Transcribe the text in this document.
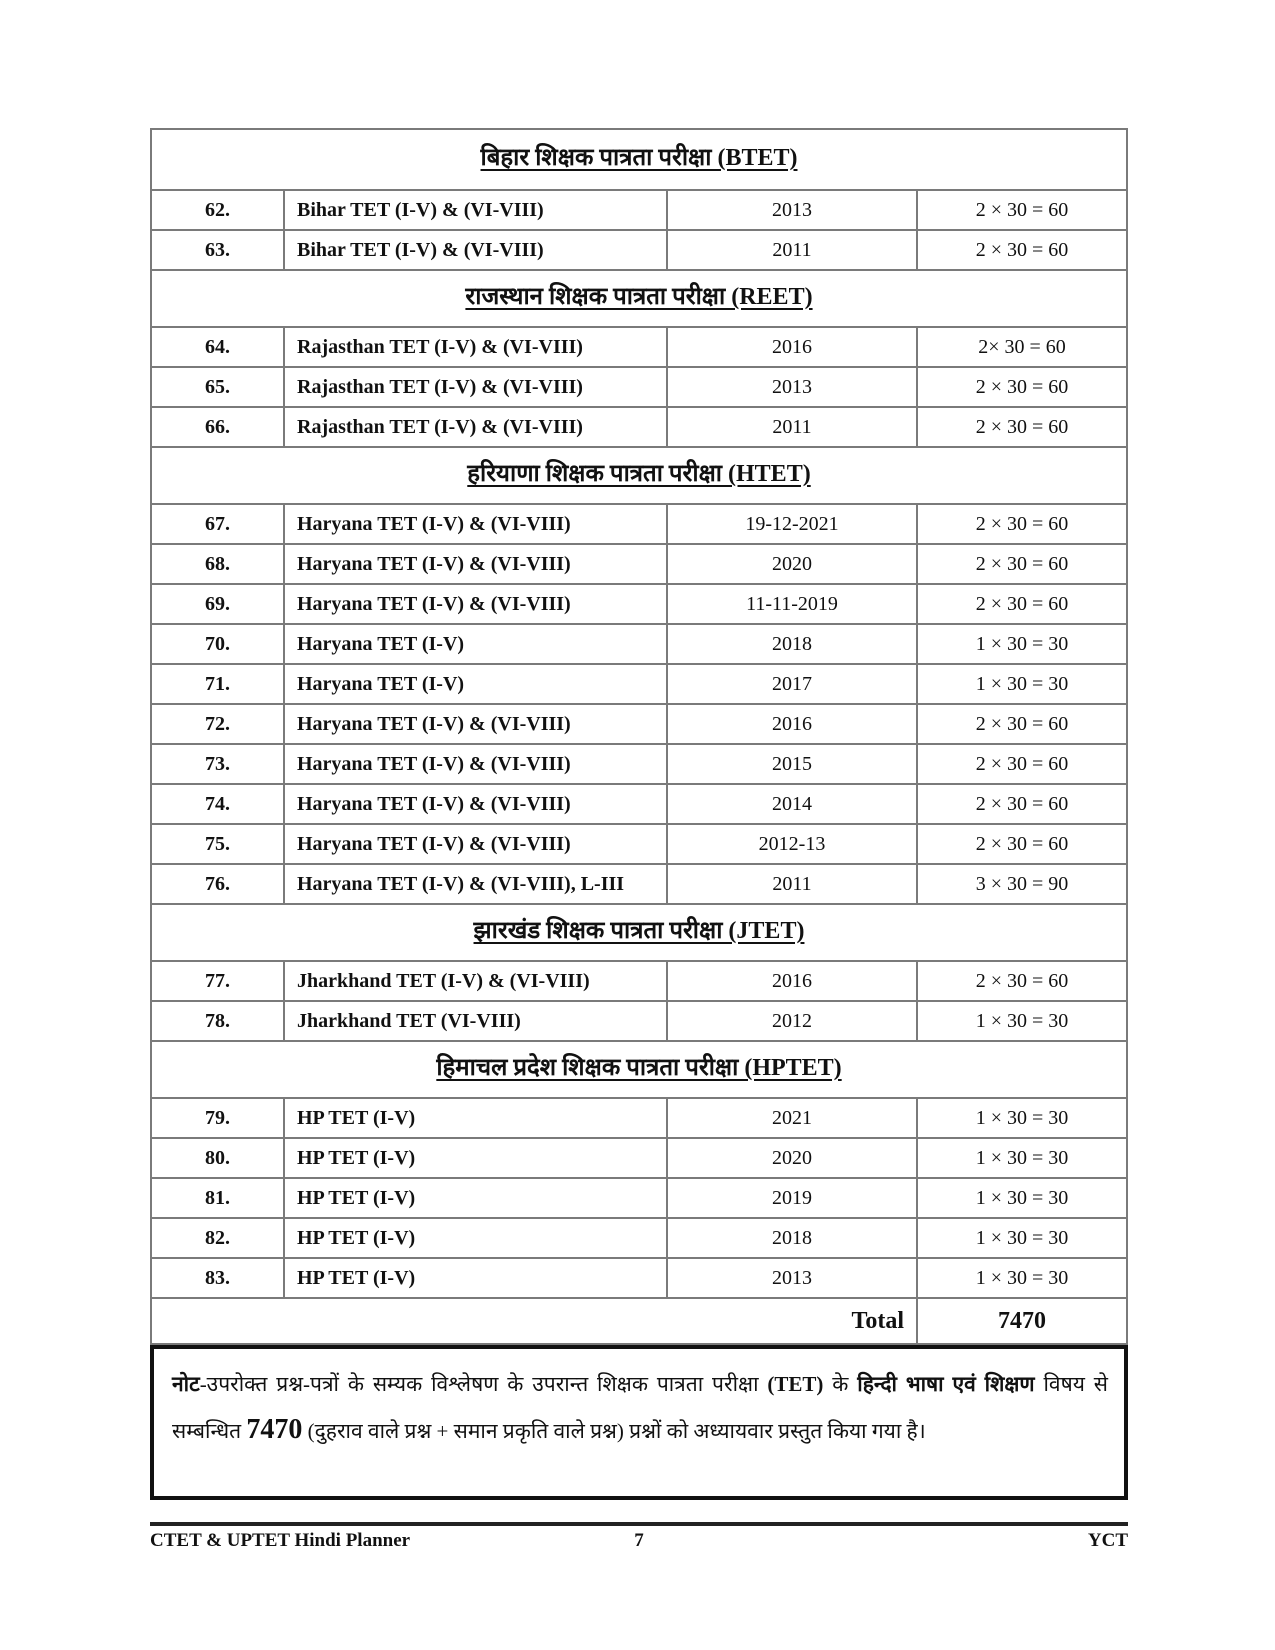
बिहार शिक्षक पात्रता परीक्षा (BTET)
62.	Bihar TET (I-V) & (VI-VIII)	2013	2 × 30 = 60
63.	Bihar TET (I-V) & (VI-VIII)	2011	2 × 30 = 60
राजस्थान शिक्षक पात्रता परीक्षा (REET)
64.	Rajasthan TET (I-V) & (VI-VIII)	2016	2× 30 = 60
65.	Rajasthan TET (I-V) & (VI-VIII)	2013	2 × 30 = 60
66.	Rajasthan TET (I-V) & (VI-VIII)	2011	2 × 30 = 60
हरियाणा शिक्षक पात्रता परीक्षा (HTET)
67.	Haryana TET (I-V) & (VI-VIII)	19-12-2021	2 × 30 = 60
68.	Haryana TET (I-V) & (VI-VIII)	2020	2 × 30 = 60
69.	Haryana TET (I-V) & (VI-VIII)	11-11-2019	2 × 30 = 60
70.	Haryana TET (I-V)	2018	1 × 30 = 30
71.	Haryana TET (I-V)	2017	1 × 30 = 30
72.	Haryana TET (I-V) & (VI-VIII)	2016	2 × 30 = 60
73.	Haryana TET (I-V) & (VI-VIII)	2015	2 × 30 = 60
74.	Haryana TET (I-V) & (VI-VIII)	2014	2 × 30 = 60
75.	Haryana TET (I-V) & (VI-VIII)	2012-13	2 × 30 = 60
76.	Haryana TET (I-V) & (VI-VIII), L-III	2011	3 × 30 = 90
झारखंड शिक्षक पात्रता परीक्षा (JTET)
77.	Jharkhand TET (I-V) & (VI-VIII)	2016	2 × 30 = 60
78.	Jharkhand TET (VI-VIII)	2012	1 × 30 = 30
हिमाचल प्रदेश शिक्षक पात्रता परीक्षा (HPTET)
79.	HP TET (I-V)	2021	1 × 30 = 30
80.	HP TET (I-V)	2020	1 × 30 = 30
81.	HP TET (I-V)	2019	1 × 30 = 30
82.	HP TET (I-V)	2018	1 × 30 = 30
83.	HP TET (I-V)	2013	1 × 30 = 30
Total	7470
नोट-उपरोक्त प्रश्न-पत्रों के सम्यक विश्लेषण के उपरान्त शिक्षक पात्रता परीक्षा (TET) के हिन्दी भाषा एवं शिक्षण विषय से सम्बन्धित 7470 (दुहराव वाले प्रश्न + समान प्रकृति वाले प्रश्न) प्रश्नों को अध्यायवार प्रस्तुत किया गया है।
CTET & UPTET Hindi Planner	7	YCT
